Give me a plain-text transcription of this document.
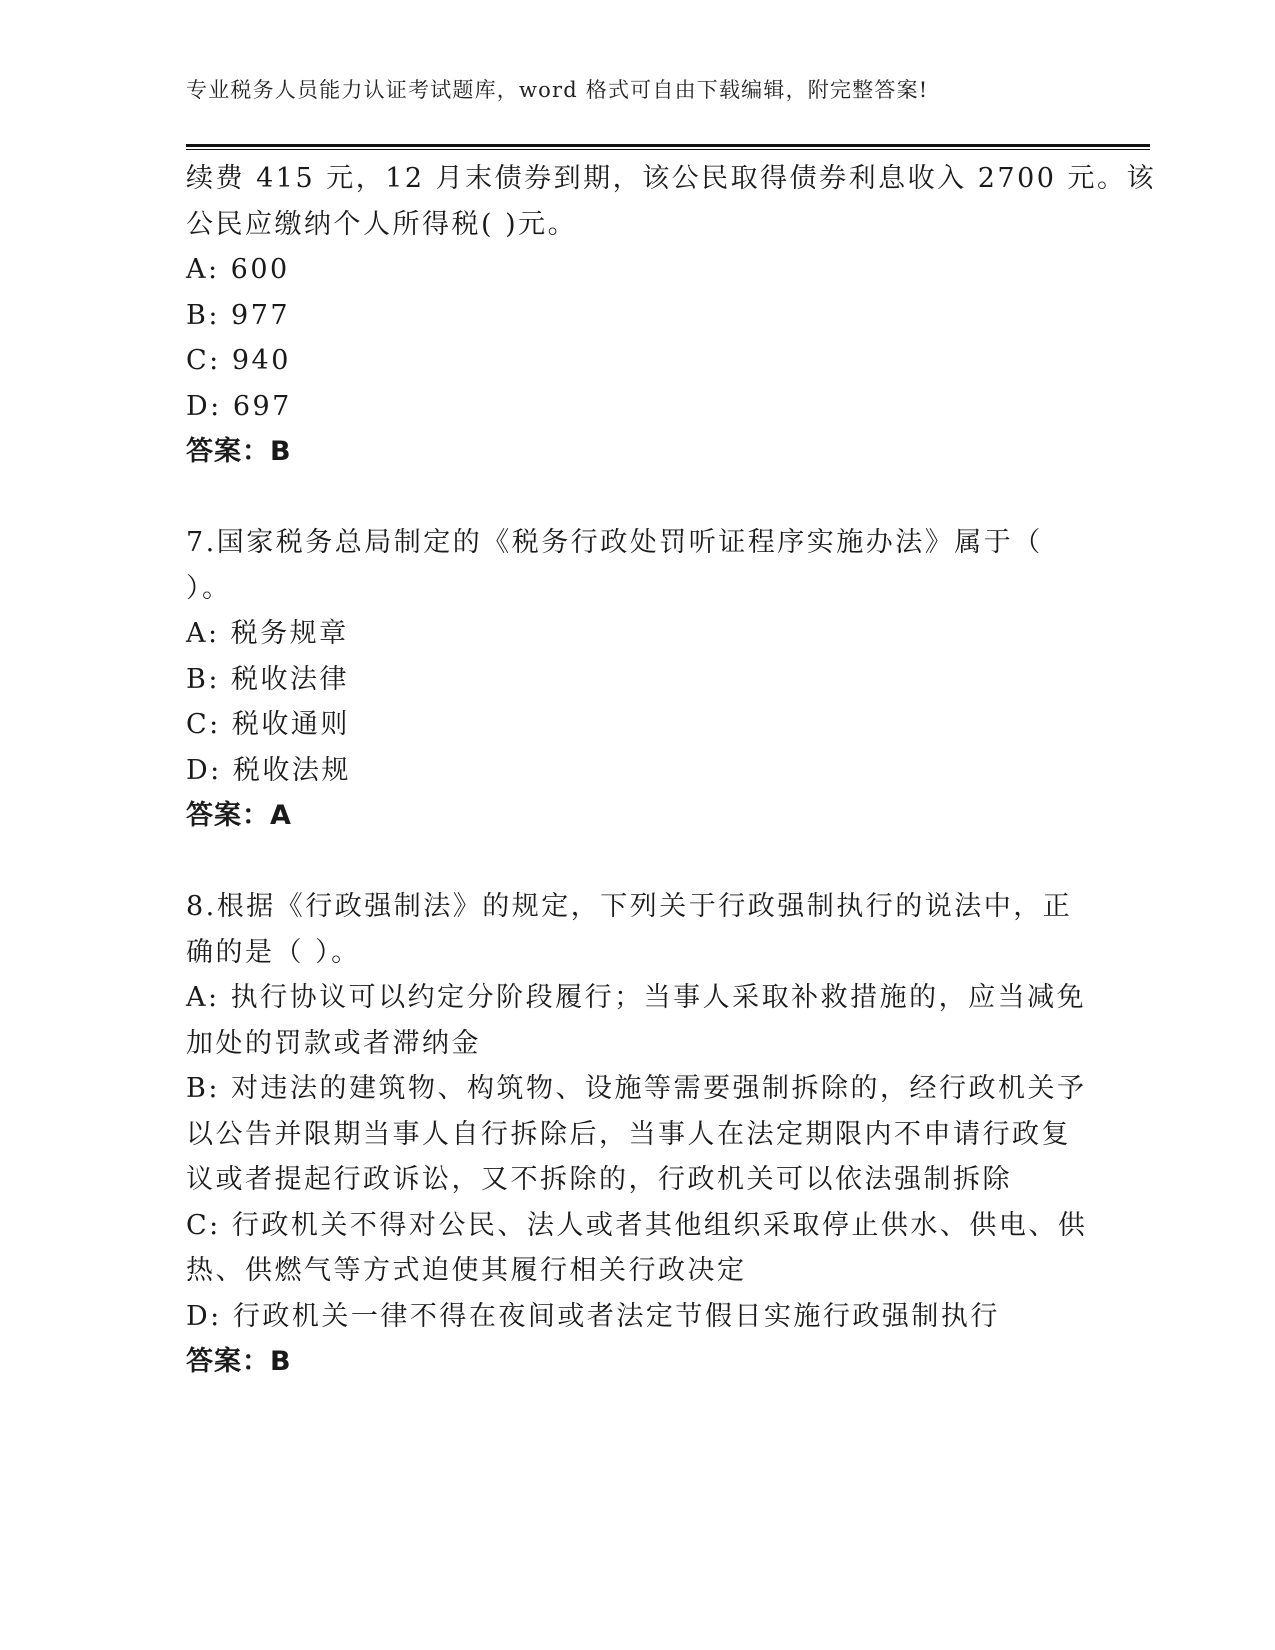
专业税务人员能力认证考试题库，word 格式可自由下载编辑，附完整答案!
续费 415 元，12 月末债券到期，该公民取得债券利息收入 2700 元。该
公民应缴纳个人所得税( )元。
A: 600
B: 977
C: 940
D: 697
答案：B
7.国家税务总局制定的《税务行政处罚听证程序实施办法》属于（
）。
A: 税务规章
B: 税收法律
C: 税收通则
D: 税收法规
答案：A
8.根据《行政强制法》的规定，下列关于行政强制执行的说法中，正
确的是（ ）。
A: 执行协议可以约定分阶段履行；当事人采取补救措施的，应当减免
加处的罚款或者滞纳金
B: 对违法的建筑物、构筑物、设施等需要强制拆除的，经行政机关予
以公告并限期当事人自行拆除后，当事人在法定期限内不申请行政复
议或者提起行政诉讼，又不拆除的，行政机关可以依法强制拆除
C: 行政机关不得对公民、法人或者其他组织采取停止供水、供电、供
热、供燃气等方式迫使其履行相关行政决定
D: 行政机关一律不得在夜间或者法定节假日实施行政强制执行
答案：B
